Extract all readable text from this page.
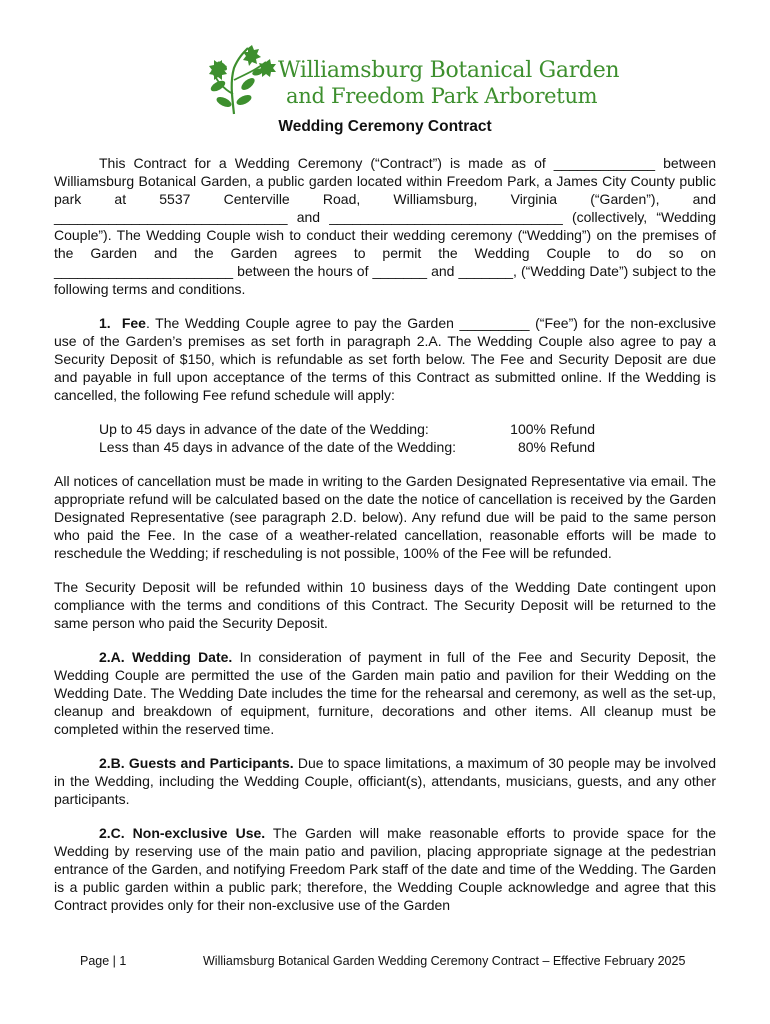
Williamsburg Botanical Garden
and Freedom Park Arboretum
Wedding Ceremony Contract

This Contract for a Wedding Ceremony (“Contract”) is made as of _____________ between Williamsburg Botanical Garden, a public garden located within Freedom Park, a James City County public park at 5537 Centerville Road, Williamsburg, Virginia (“Garden”), and ______________________________ and ______________________________ (collectively, “Wedding Couple”). The Wedding Couple wish to conduct their wedding ceremony (“Wedding”) on the premises of the Garden and the Garden agrees to permit the Wedding Couple to do so on _______________________ between the hours of _______ and _______, (“Wedding Date”) subject to the following terms and conditions.

1. Fee. The Wedding Couple agree to pay the Garden _________ (“Fee”) for the non-exclusive use of the Garden’s premises as set forth in paragraph 2.A. The Wedding Couple also agree to pay a Security Deposit of $150, which is refundable as set forth below. The Fee and Security Deposit are due and payable in full upon acceptance of the terms of this Contract as submitted online. If the Wedding is cancelled, the following Fee refund schedule will apply:

Up to 45 days in advance of the date of the Wedding:	100% Refund
Less than 45 days in advance of the date of the Wedding:	80% Refund

All notices of cancellation must be made in writing to the Garden Designated Representative via email. The appropriate refund will be calculated based on the date the notice of cancellation is received by the Garden Designated Representative (see paragraph 2.D. below). Any refund due will be paid to the same person who paid the Fee. In the case of a weather-related cancellation, reasonable efforts will be made to reschedule the Wedding; if rescheduling is not possible, 100% of the Fee will be refunded.

The Security Deposit will be refunded within 10 business days of the Wedding Date contingent upon compliance with the terms and conditions of this Contract. The Security Deposit will be returned to the same person who paid the Security Deposit.

2.A. Wedding Date. In consideration of payment in full of the Fee and Security Deposit, the Wedding Couple are permitted the use of the Garden main patio and pavilion for their Wedding on the Wedding Date. The Wedding Date includes the time for the rehearsal and ceremony, as well as the set-up, cleanup and breakdown of equipment, furniture, decorations and other items. All cleanup must be completed within the reserved time.

2.B. Guests and Participants. Due to space limitations, a maximum of 30 people may be involved in the Wedding, including the Wedding Couple, officiant(s), attendants, musicians, guests, and any other participants.

2.C. Non-exclusive Use. The Garden will make reasonable efforts to provide space for the Wedding by reserving use of the main patio and pavilion, placing appropriate signage at the pedestrian entrance of the Garden, and notifying Freedom Park staff of the date and time of the Wedding. The Garden is a public garden within a public park; therefore, the Wedding Couple acknowledge and agree that this Contract provides only for their non-exclusive use of the Garden

Page | 1	Williamsburg Botanical Garden Wedding Ceremony Contract – Effective February 2025
